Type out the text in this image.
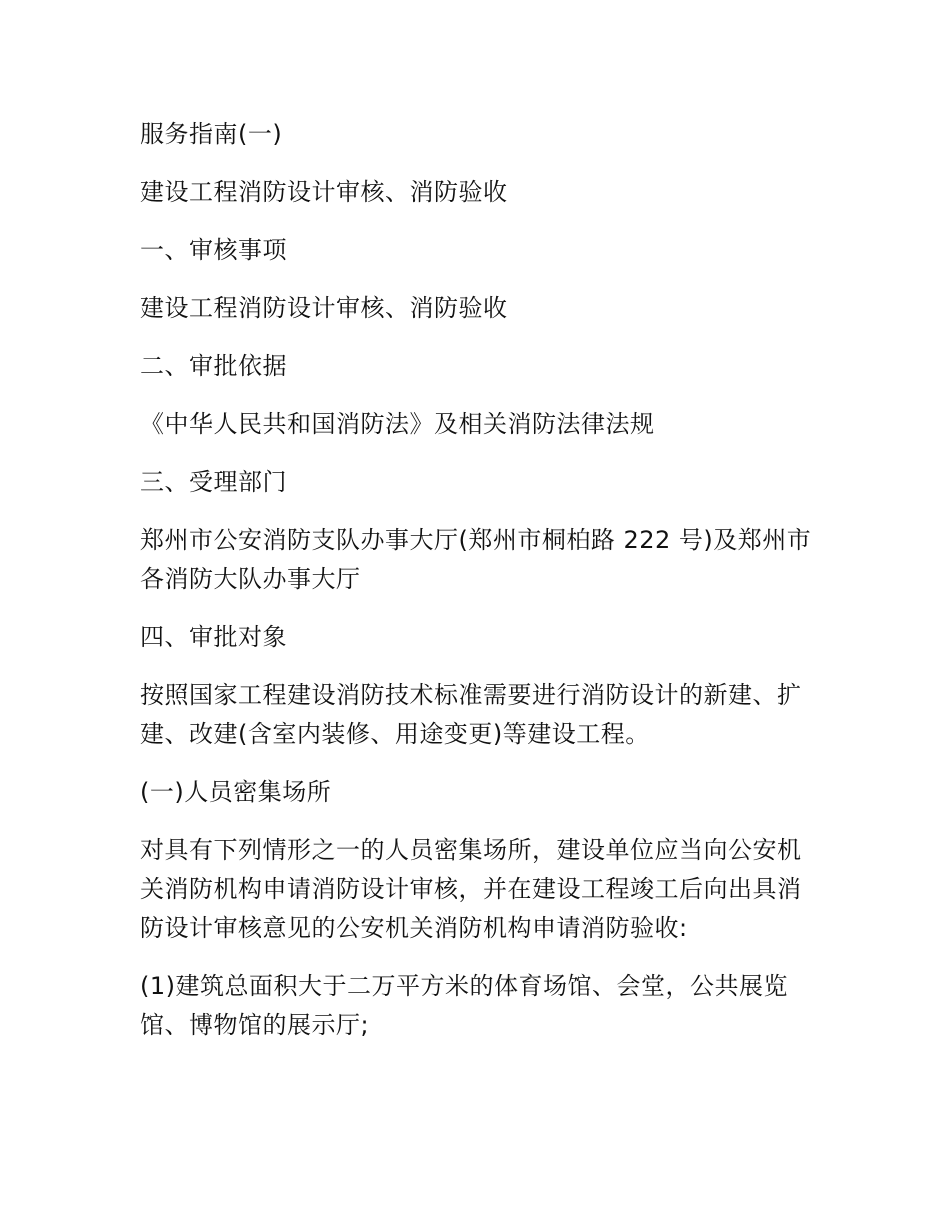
服务指南(一)

建设工程消防设计审核、消防验收

一、审核事项

建设工程消防设计审核、消防验收

二、审批依据

《中华人民共和国消防法》及相关消防法律法规

三、受理部门

郑州市公安消防支队办事大厅(郑州市桐柏路 222 号)及郑州市各消防大队办事大厅

四、审批对象

按照国家工程建设消防技术标准需要进行消防设计的新建、扩建、改建(含室内装修、用途变更)等建设工程。

(一)人员密集场所

对具有下列情形之一的人员密集场所，建设单位应当向公安机关消防机构申请消防设计审核，并在建设工程竣工后向出具消防设计审核意见的公安机关消防机构申请消防验收:

(1)建筑总面积大于二万平方米的体育场馆、会堂，公共展览馆、博物馆的展示厅;
